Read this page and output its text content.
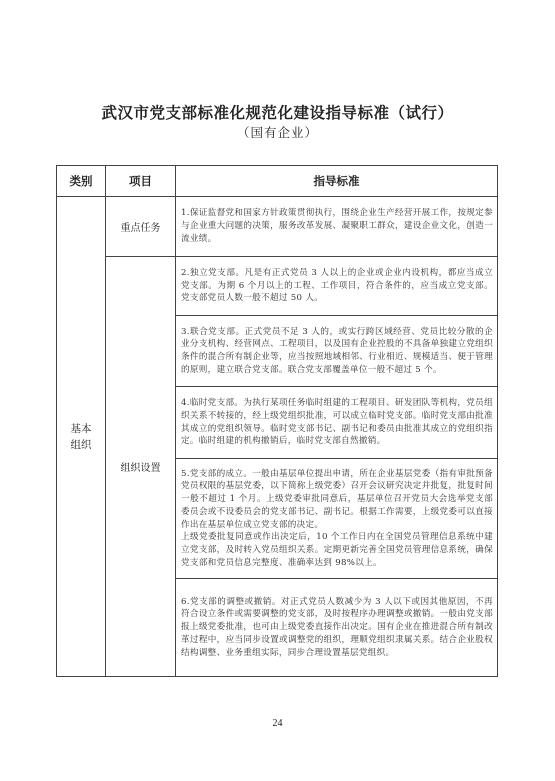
武汉市党支部标准化规范化建设指导标准（试行）
（国有企业）
类别	项目	指导标准
基本
组织	重点任务	1.保证监督党和国家方针政策贯彻执行，围绕企业生产经营开展工作，按规定参与企业重大问题的决策，服务改革发展、凝聚职工群众，建设企业文化，创造一流业绩。
	组织设置	2.独立党支部。凡是有正式党员 3 人以上的企业或企业内设机构，都应当成立党支部。为期 6 个月以上的工程、工作项目，符合条件的，应当成立党支部。党支部党员人数一般不超过 50 人。
		3.联合党支部。正式党员不足 3 人的，或实行跨区域经营、党员比较分散的企业分支机构、经营网点、工程项目，以及国有企业控股的不具备单独建立党组织条件的混合所有制企业等，应当按照地域相邻、行业相近、规模适当、便于管理的原则，建立联合党支部。联合党支部覆盖单位一般不超过 5 个。
		4.临时党支部。为执行某项任务临时组建的工程项目、研发团队等机构，党员组织关系不转接的，经上级党组织批准，可以成立临时党支部。临时党支部由批准其成立的党组织领导。临时党支部书记、副书记和委员由批准其成立的党组织指定。临时组建的机构撤销后，临时党支部自然撤销。
		5.党支部的成立。一般由基层单位提出申请，所在企业基层党委（指有审批预备党员权限的基层党委，以下简称上级党委）召开会议研究决定并批复，批复时间一般不超过 1 个月。上级党委审批同意后，基层单位召开党员大会选举党支部委员会或不设委员会的党支部书记、副书记。根据工作需要，上级党委可以直接作出在基层单位成立党支部的决定。
上级党委批复同意或作出决定后，10 个工作日内在全国党员管理信息系统中建立党支部，及时转入党员组织关系。定期更新完善全国党员管理信息系统，确保党支部和党员信息完整度、准确率达到 98%以上。
		6.党支部的调整或撤销。对正式党员人数减少为 3 人以下或因其他原因，不再符合设立条件或需要调整的党支部，及时按程序办理调整或撤销。一般由党支部报上级党委批准，也可由上级党委直接作出决定。国有企业在推进混合所有制改革过程中，应当同步设置或调整党的组织，理顺党组织隶属关系。结合企业股权结构调整、业务重组实际，同步合理设置基层党组织。
24
